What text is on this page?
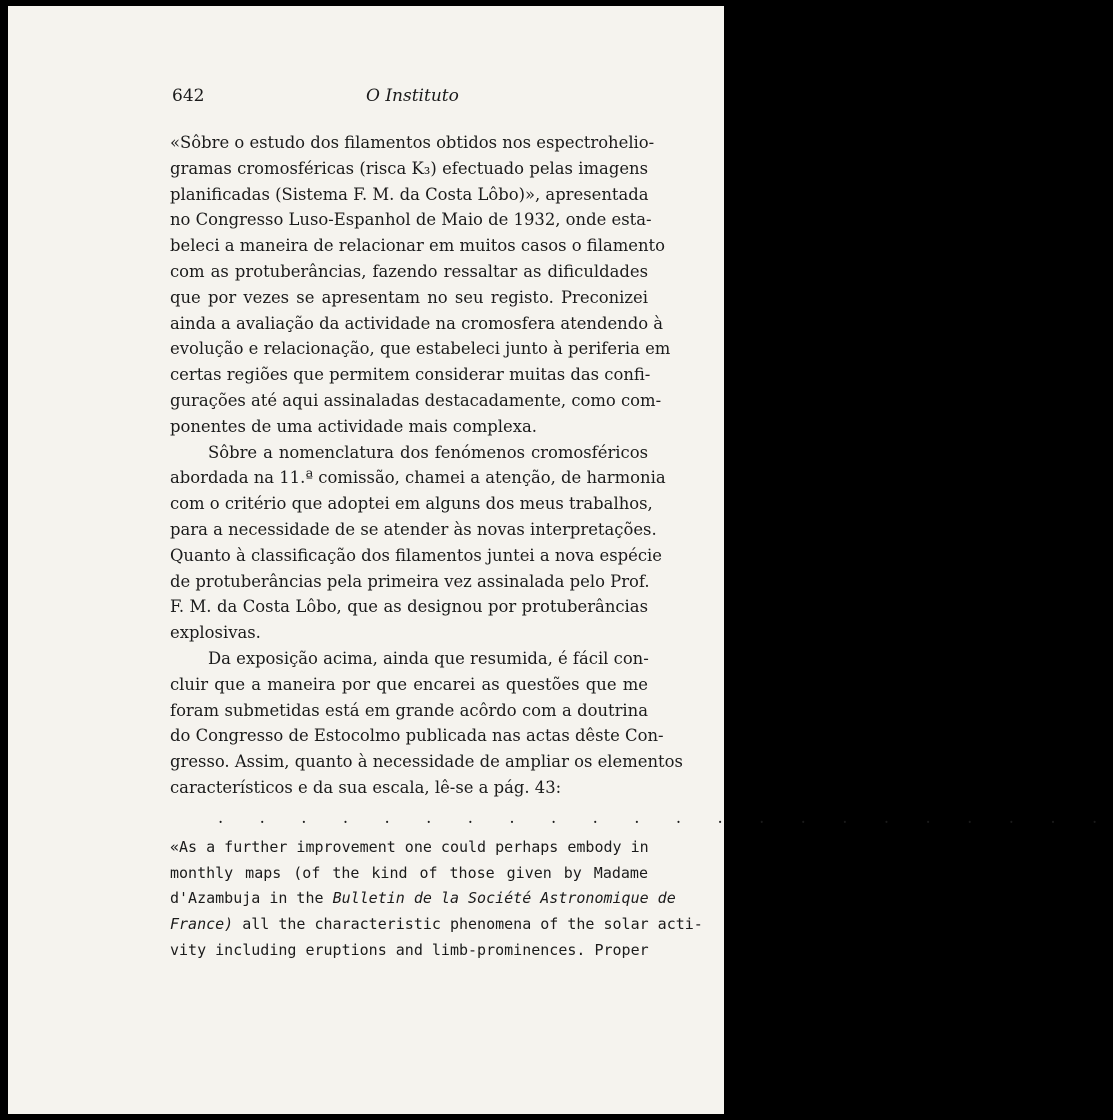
642	O Instituto
«Sôbre o estudo dos filamentos obtidos nos espectrohelio-
gramas cromosféricas (risca K₃) efectuado pelas imagens
planificadas (Sistema F. M. da Costa Lôbo)», apresentada
no Congresso Luso-Espanhol de Maio de 1932, onde esta-
beleci a maneira de relacionar em muitos casos o filamento
com as protuberâncias, fazendo ressaltar as dificuldades
que por vezes se apresentam no seu registo. Preconizei
ainda a avaliação da actividade na cromosfera atendendo à
evolução e relacionação, que estabeleci junto à periferia em
certas regiões que permitem considerar muitas das confi-
gurações até aqui assinaladas destacadamente, como com-
ponentes de uma actividade mais complexa.
Sôbre a nomenclatura dos fenómenos cromosféricos
abordada na 11.ª comissão, chamei a atenção, de harmonia
com o critério que adoptei em alguns dos meus trabalhos,
para a necessidade de se atender às novas interpretações.
Quanto à classificação dos filamentos juntei a nova espécie
de protuberâncias pela primeira vez assinalada pelo Prof.
F. M. da Costa Lôbo, que as designou por protuberâncias
explosivas.
Da exposição acima, ainda que resumida, é fácil con-
cluir que a maneira por que encarei as questões que me
foram submetidas está em grande acôrdo com a doutrina
do Congresso de Estocolmo publicada nas actas dêste Con-
gresso. Assim, quanto à necessidade de ampliar os elementos
característicos e da sua escala, lê-se a pág. 43:
. . . . . . . . . . . . . . . . . . . . . .
«As a further improvement one could perhaps embody in
monthly maps (of the kind of those given by Madame
d'Azambuja in the Bulletin de la Société Astronomique de
France) all the characteristic phenomena of the solar acti-
vity including eruptions and limb-prominences. Proper
